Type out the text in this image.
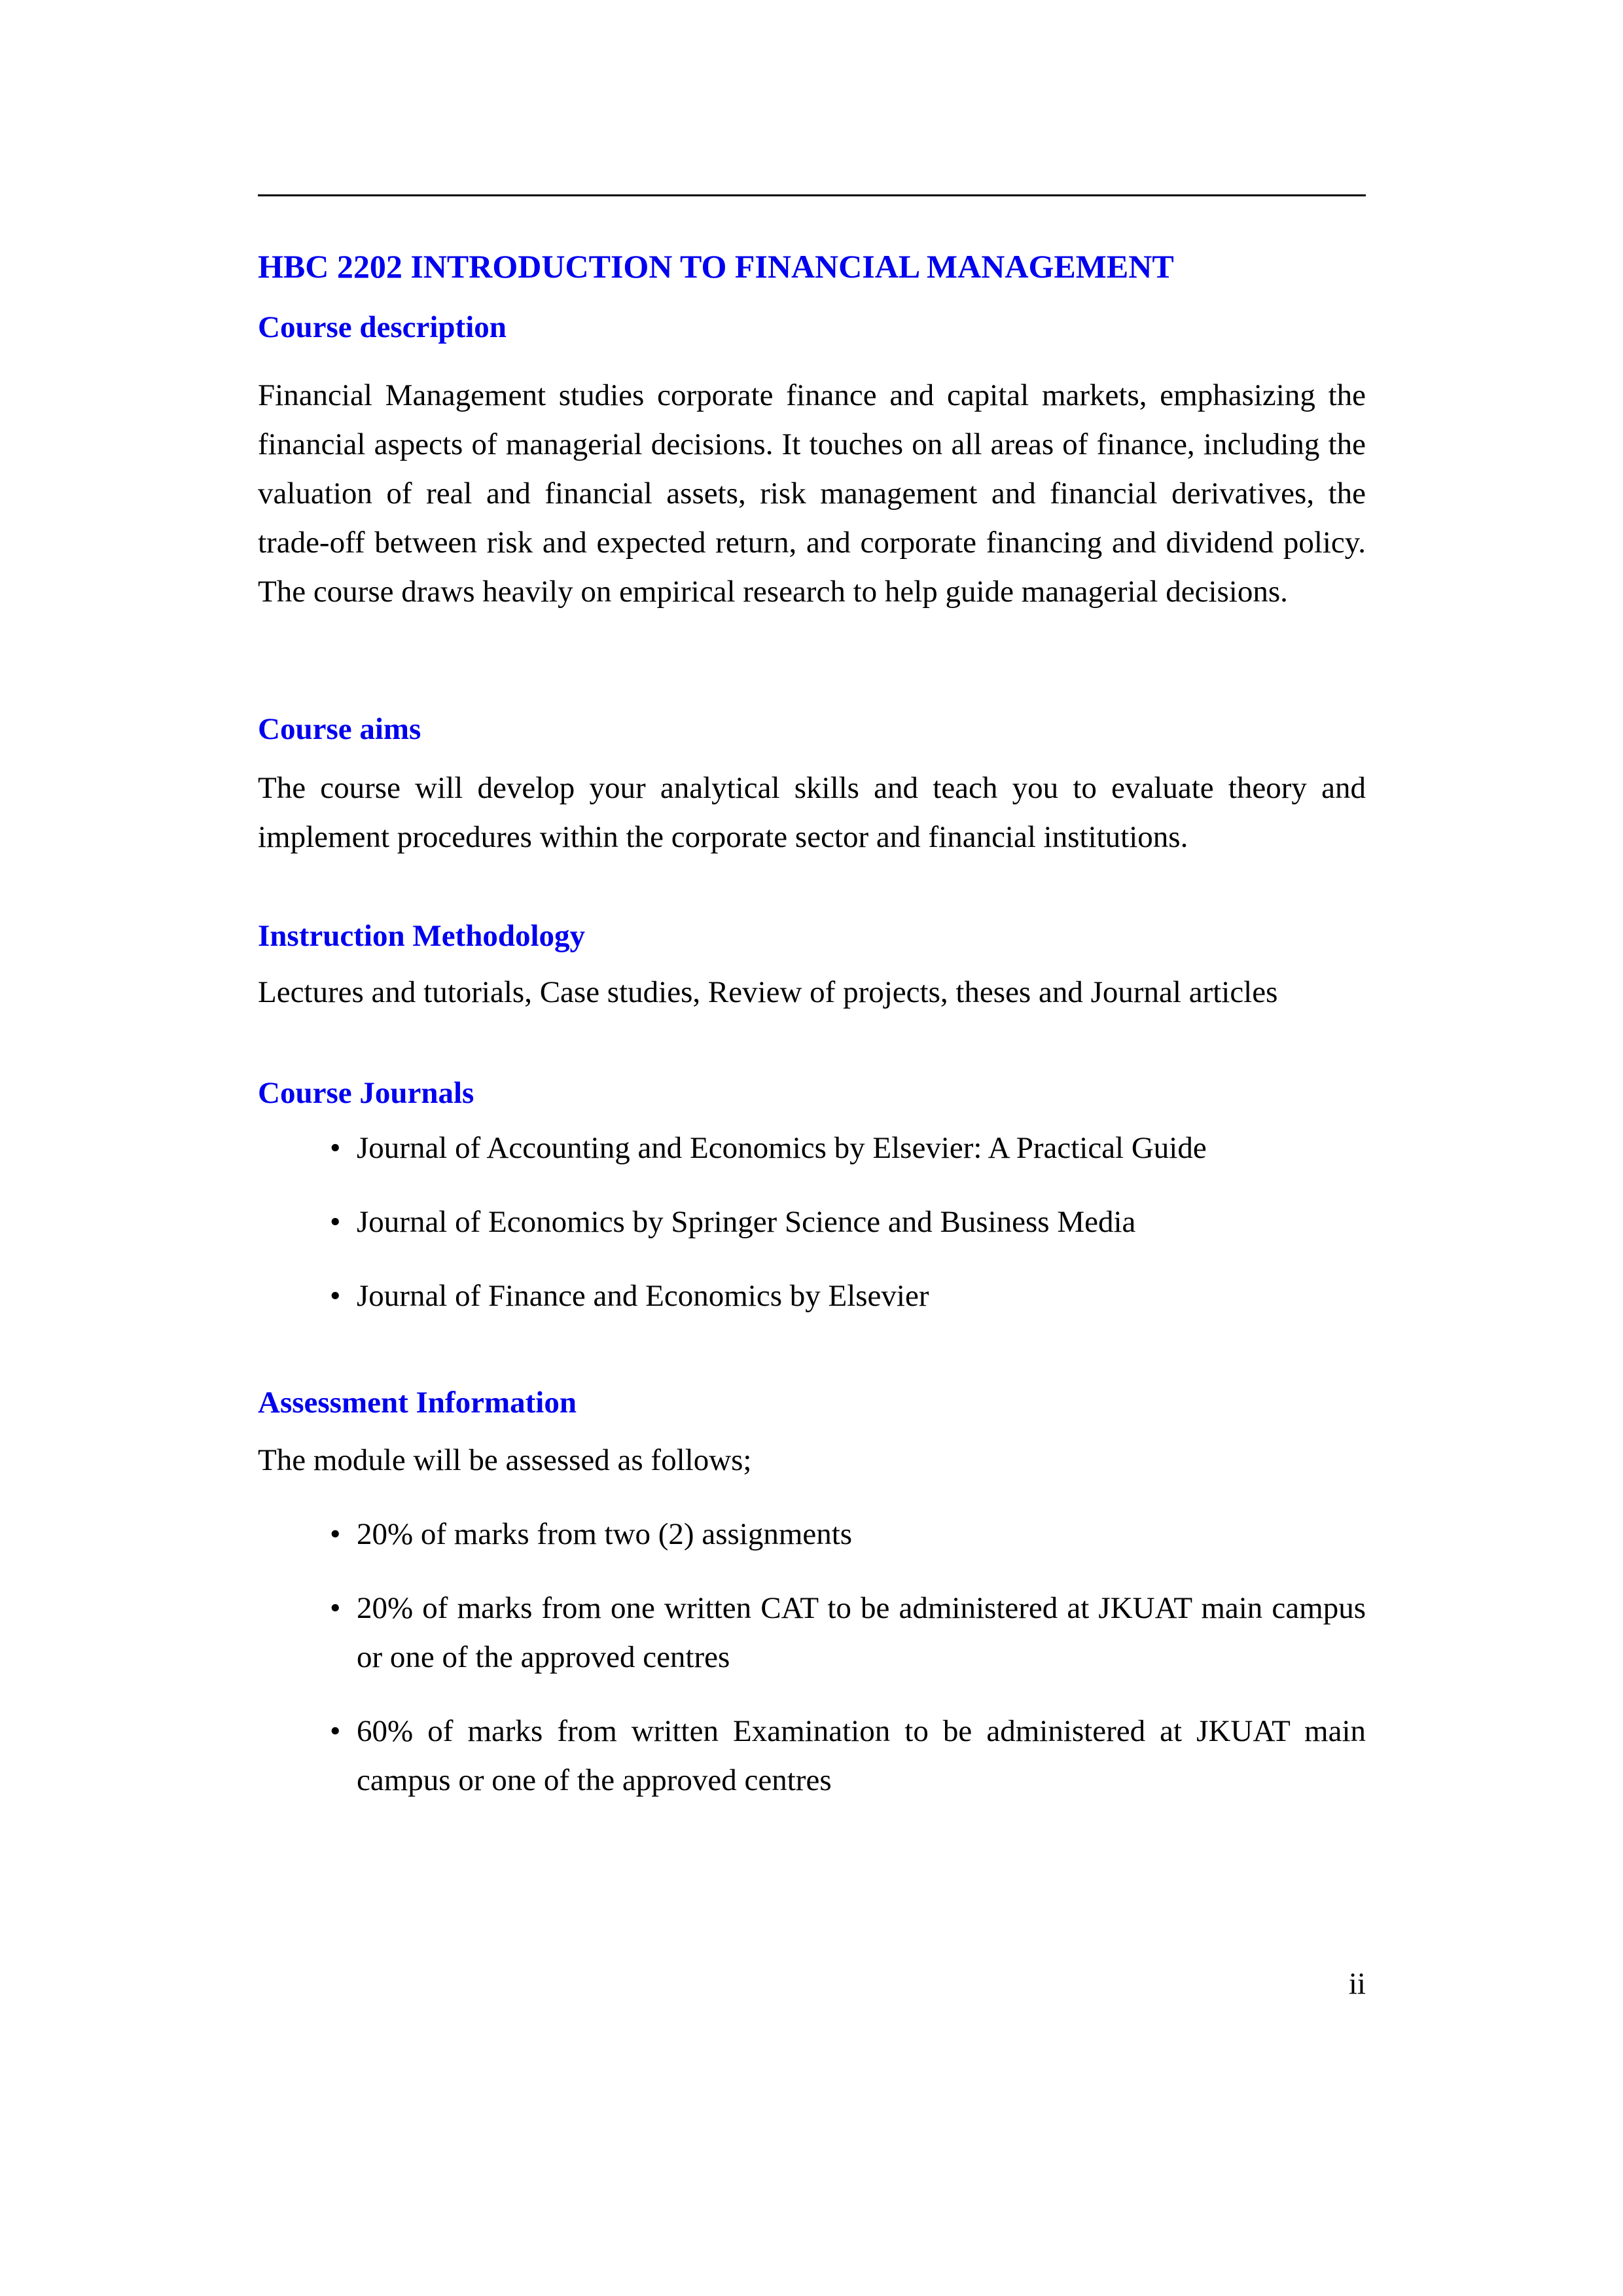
HBC 2202 INTRODUCTION TO FINANCIAL MANAGEMENT
Course description
Financial Management studies corporate finance and capital markets, emphasizing the financial aspects of managerial decisions. It touches on all areas of finance, including the valuation of real and financial assets, risk management and financial derivatives, the trade-off between risk and expected return, and corporate financing and dividend policy. The course draws heavily on empirical research to help guide managerial decisions.
Course aims
The course will develop your analytical skills and teach you to evaluate theory and implement procedures within the corporate sector and financial institutions.
Instruction Methodology
Lectures and tutorials, Case studies, Review of projects, theses and Journal articles
Course Journals
• Journal of Accounting and Economics by Elsevier: A Practical Guide
• Journal of Economics by Springer Science and Business Media
• Journal of Finance and Economics by Elsevier
Assessment Information
The module will be assessed as follows;
• 20% of marks from two (2) assignments
• 20% of marks from one written CAT to be administered at JKUAT main campus or one of the approved centres
• 60% of marks from written Examination to be administered at JKUAT main campus or one of the approved centres
ii
